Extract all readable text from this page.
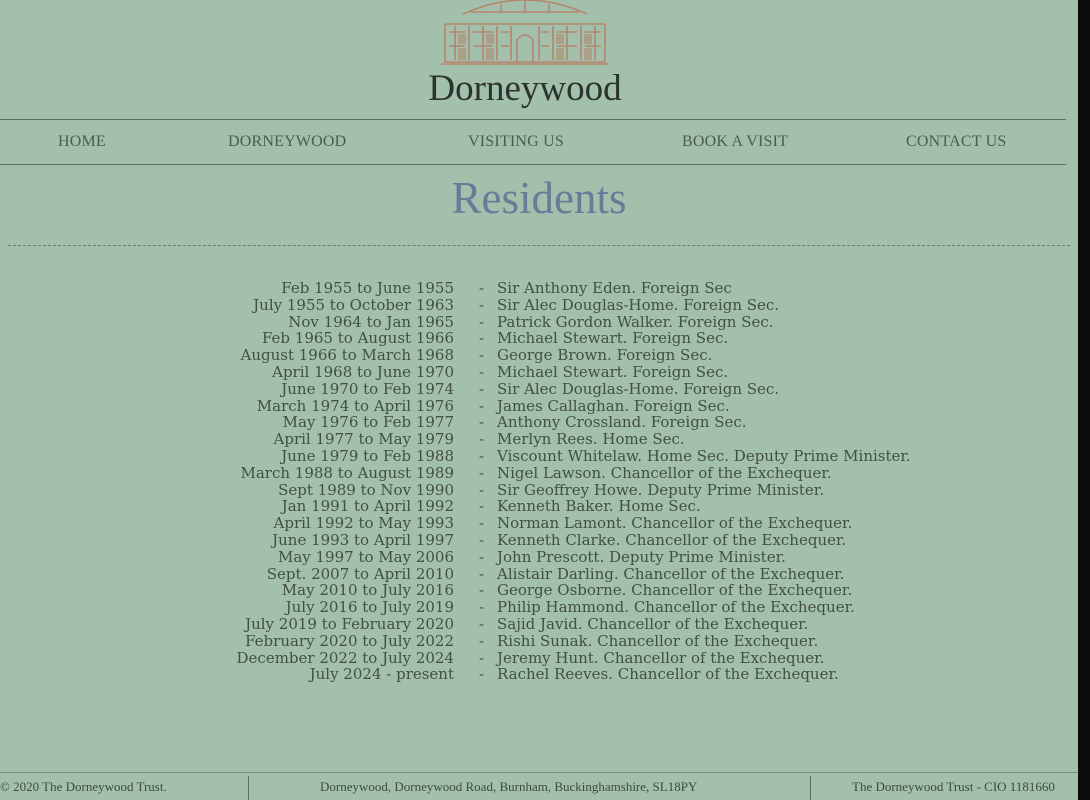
Dorneywood
HOME	DORNEYWOOD	VISITING US	BOOK A VISIT	CONTACT US
Residents
Feb 1955 to June 1955 - Sir Anthony Eden. Foreign Sec
July 1955 to October 1963 - Sir Alec Douglas-Home. Foreign Sec.
Nov 1964 to Jan 1965 - Patrick Gordon Walker. Foreign Sec.
Feb 1965 to August 1966 - Michael Stewart. Foreign Sec.
August 1966 to March 1968 - George Brown. Foreign Sec.
April 1968 to June 1970 - Michael Stewart. Foreign Sec.
June 1970 to Feb 1974 - Sir Alec Douglas-Home. Foreign Sec.
March 1974 to April 1976 - James Callaghan. Foreign Sec.
May 1976 to Feb 1977 - Anthony Crossland. Foreign Sec.
April 1977 to May 1979 - Merlyn Rees. Home Sec.
June 1979 to Feb 1988 - Viscount Whitelaw. Home Sec. Deputy Prime Minister.
March 1988 to August 1989 - Nigel Lawson. Chancellor of the Exchequer.
Sept 1989 to Nov 1990 - Sir Geoffrey Howe. Deputy Prime Minister.
Jan 1991 to April 1992 - Kenneth Baker. Home Sec.
April 1992 to May 1993 - Norman Lamont. Chancellor of the Exchequer.
June 1993 to April 1997 - Kenneth Clarke. Chancellor of the Exchequer.
May 1997 to May 2006 - John Prescott. Deputy Prime Minister.
Sept. 2007 to April 2010 - Alistair Darling. Chancellor of the Exchequer.
May 2010 to July 2016 - George Osborne. Chancellor of the Exchequer.
July 2016 to July 2019 - Philip Hammond. Chancellor of the Exchequer.
July 2019 to February 2020 - Sajid Javid. Chancellor of the Exchequer.
February 2020 to July 2022 - Rishi Sunak. Chancellor of the Exchequer.
December 2022 to July 2024 - Jeremy Hunt. Chancellor of the Exchequer.
July 2024 - present - Rachel Reeves. Chancellor of the Exchequer.
© 2020 The Dorneywood Trust.	Dorneywood, Dorneywood Road, Burnham, Buckinghamshire, SL18PY	The Dorneywood Trust - CIO 1181660
